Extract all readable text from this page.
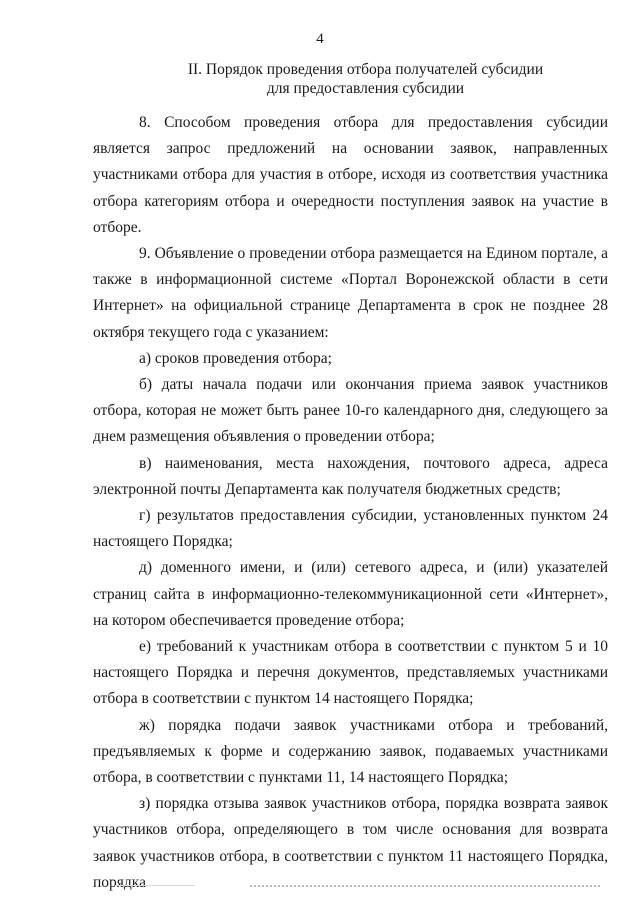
4
II. Порядок проведения отбора получателей субсидии
для предоставления субсидии

8. Способом проведения отбора для предоставления субсидии является запрос предложений на основании заявок, направленных участниками отбора для участия в отборе, исходя из соответствия участника отбора категориям отбора и очередности поступления заявок на участие в отборе.

9. Объявление о проведении отбора размещается на Едином портале, а также в информационной системе «Портал Воронежской области в сети Интернет» на официальной странице Департамента в срок не позднее 28 октября текущего года с указанием:

а) сроков проведения отбора;

б) даты начала подачи или окончания приема заявок участников отбора, которая не может быть ранее 10-го календарного дня, следующего за днем размещения объявления о проведении отбора;

в) наименования, места нахождения, почтового адреса, адреса электронной почты Департамента как получателя бюджетных средств;

г) результатов предоставления субсидии, установленных пунктом 24 настоящего Порядка;

д) доменного имени, и (или) сетевого адреса, и (или) указателей страниц сайта в информационно-телекоммуникационной сети «Интернет», на котором обеспечивается проведение отбора;

е) требований к участникам отбора в соответствии с пунктом 5 и 10 настоящего Порядка и перечня документов, представляемых участниками отбора в соответствии с пунктом 14 настоящего Порядка;

ж) порядка подачи заявок участниками отбора и требований, предъявляемых к форме и содержанию заявок, подаваемых участниками отбора, в соответствии с пунктами 11, 14 настоящего Порядка;

з) порядка отзыва заявок участников отбора, порядка возврата заявок участников отбора, определяющего в том числе основания для возврата заявок участников отбора, в соответствии с пунктом 11 настоящего Порядка, порядка
